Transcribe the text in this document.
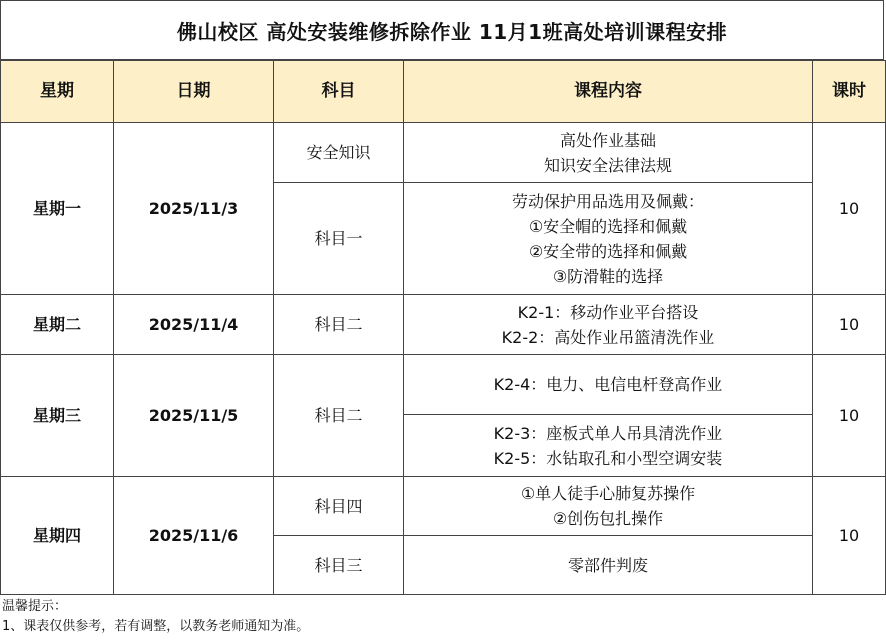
佛山校区 高处安装维修拆除作业 11月1班高处培训课程安排
星期	日期	科目	课程内容	课时
星期一	2025/11/3	安全知识	高处作业基础
知识安全法律法规	10
		科目一	劳动保护用品选用及佩戴：
①安全帽的选择和佩戴
②安全带的选择和佩戴
③防滑鞋的选择	

星期二	2025/11/4	科目二	K2-1：移动作业平台搭设
K2-2：高处作业吊篮清洗作业	10
星期三	2025/11/5	科目二	K2-4：电力、电信电杆登高作业	10

			K2-3：座板式单人吊具清洗作业
K2-5：水钻取孔和小型空调安装	

星期四	2025/11/6	科目四	①单人徒手心肺复苏操作
②创伤包扎操作	10
		科目三	零部件判废	
温馨提示：
1、课表仅供参考，若有调整，以教务老师通知为准。
